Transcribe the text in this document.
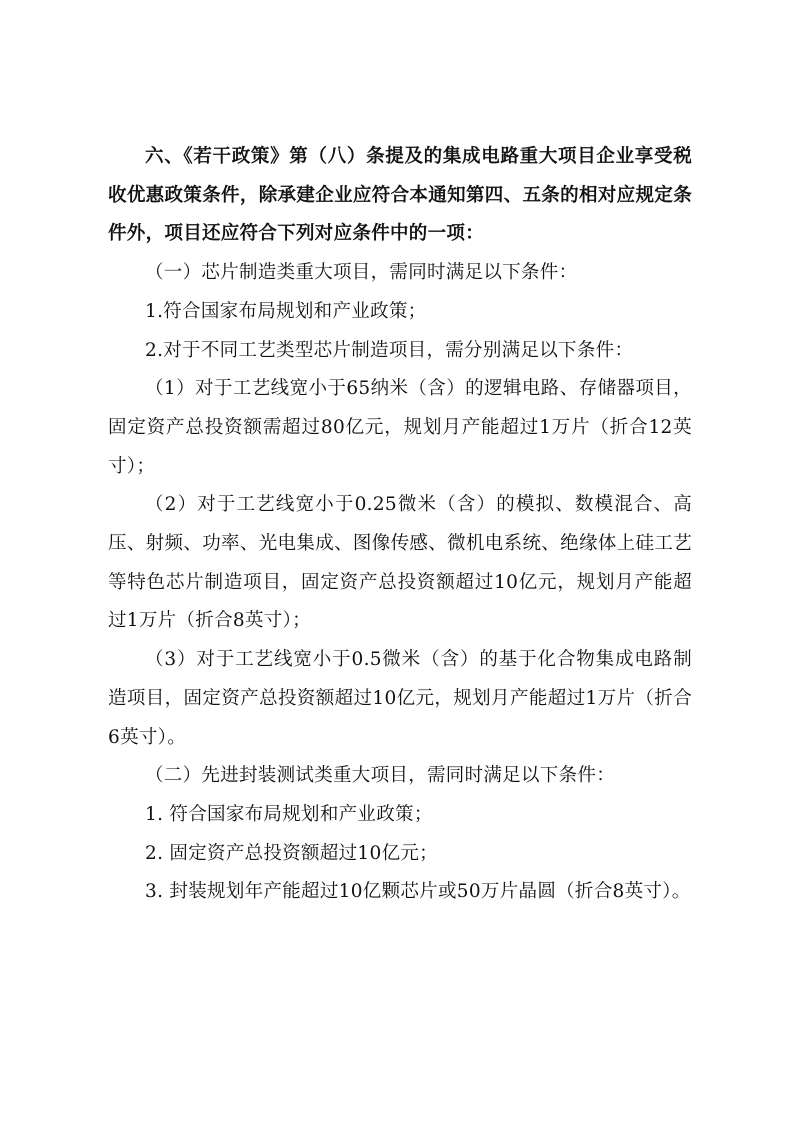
六、《若干政策》第（八）条提及的集成电路重大项目企业享受税收优惠政策条件，除承建企业应符合本通知第四、五条的相对应规定条件外，项目还应符合下列对应条件中的一项：

（一）芯片制造类重大项目，需同时满足以下条件：

1.符合国家布局规划和产业政策；

2.对于不同工艺类型芯片制造项目，需分别满足以下条件：

（1）对于工艺线宽小于65纳米（含）的逻辑电路、存储器项目，固定资产总投资额需超过80亿元，规划月产能超过1万片（折合12英寸）；

（2）对于工艺线宽小于0.25微米（含）的模拟、数模混合、高压、射频、功率、光电集成、图像传感、微机电系统、绝缘体上硅工艺等特色芯片制造项目，固定资产总投资额超过10亿元，规划月产能超过1万片（折合8英寸）；

（3）对于工艺线宽小于0.5微米（含）的基于化合物集成电路制造项目，固定资产总投资额超过10亿元，规划月产能超过1万片（折合6英寸）。

（二）先进封装测试类重大项目，需同时满足以下条件：

1. 符合国家布局规划和产业政策；

2. 固定资产总投资额超过10亿元；

3. 封装规划年产能超过10亿颗芯片或50万片晶圆（折合8英寸）。
